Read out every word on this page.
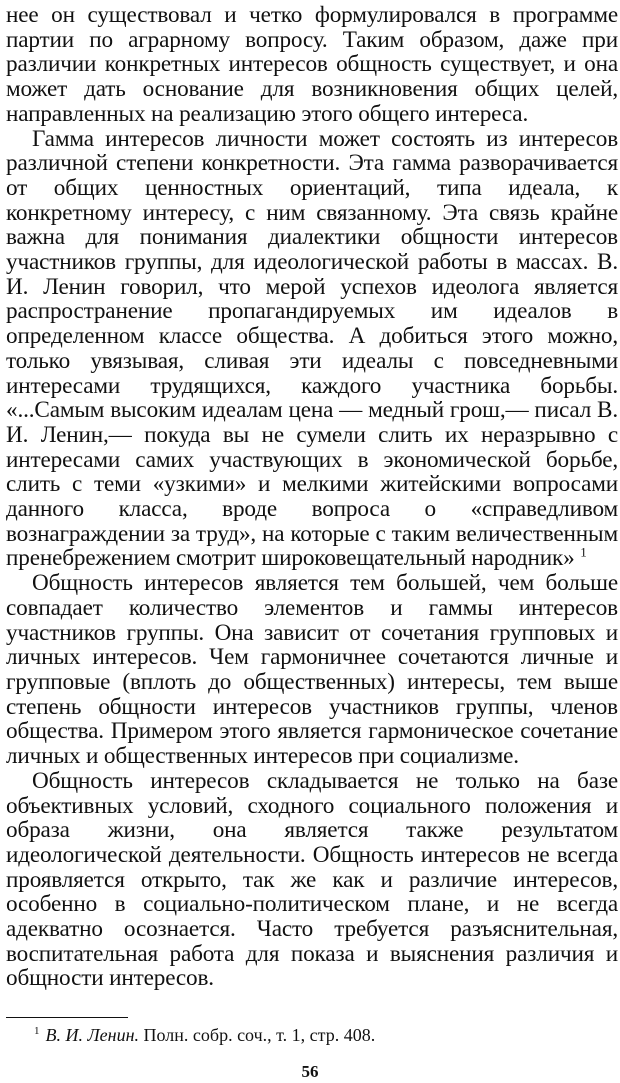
нее он существовал и четко формулировался в программе партии по аграрному вопросу. Таким образом, даже при различии конкретных интересов общность существует, и она может дать основание для возникновения общих целей, направленных на реализацию этого общего интереса.

Гамма интересов личности может состоять из интересов различной степени конкретности. Эта гамма разворачивается от общих ценностных ориентаций, типа идеала, к конкретному интересу, с ним связанному. Эта связь крайне важна для понимания диалектики общности интересов участников группы, для идеологической работы в массах. В. И. Ленин говорил, что мерой успехов идеолога является распространение пропагандируемых им идеалов в определенном классе общества. А добиться этого можно, только увязывая, сливая эти идеалы с повседневными интересами трудящихся, каждого участника борьбы. «...Самым высоким идеалам цена — медный грош,— писал В. И. Ленин,— покуда вы не сумели слить их неразрывно с интересами самих участвующих в экономической борьбе, слить с теми «узкими» и мелкими житейскими вопросами данного класса, вроде вопроса о «справедливом вознаграждении за труд», на которые с таким величественным пренебрежением смотрит широковещательный народник» $^1$

Общность интересов является тем большей, чем больше совпадает количество элементов и гаммы интересов участников группы. Она зависит от сочетания групповых и личных интересов. Чем гармоничнее сочетаются личные и групповые (вплоть до общественных) интересы, тем выше степень общности интересов участников группы, членов общества. Примером этого является гармоническое сочетание личных и общественных интересов при социализме.

Общность интересов складывается не только на базе объективных условий, сходного социального положения и образа жизни, она является также результатом идеологической деятельности. Общность интересов не всегда проявляется открыто, так же как и различие интересов, особенно в социально-политическом плане, и не всегда адекватно осознается. Часто требуется разъяснительная, воспитательная работа для показа и выяснения различия и общности интересов.

$^1$ В. И. Ленин. Полн. собр. соч., т. 1, стр. 408.
56
